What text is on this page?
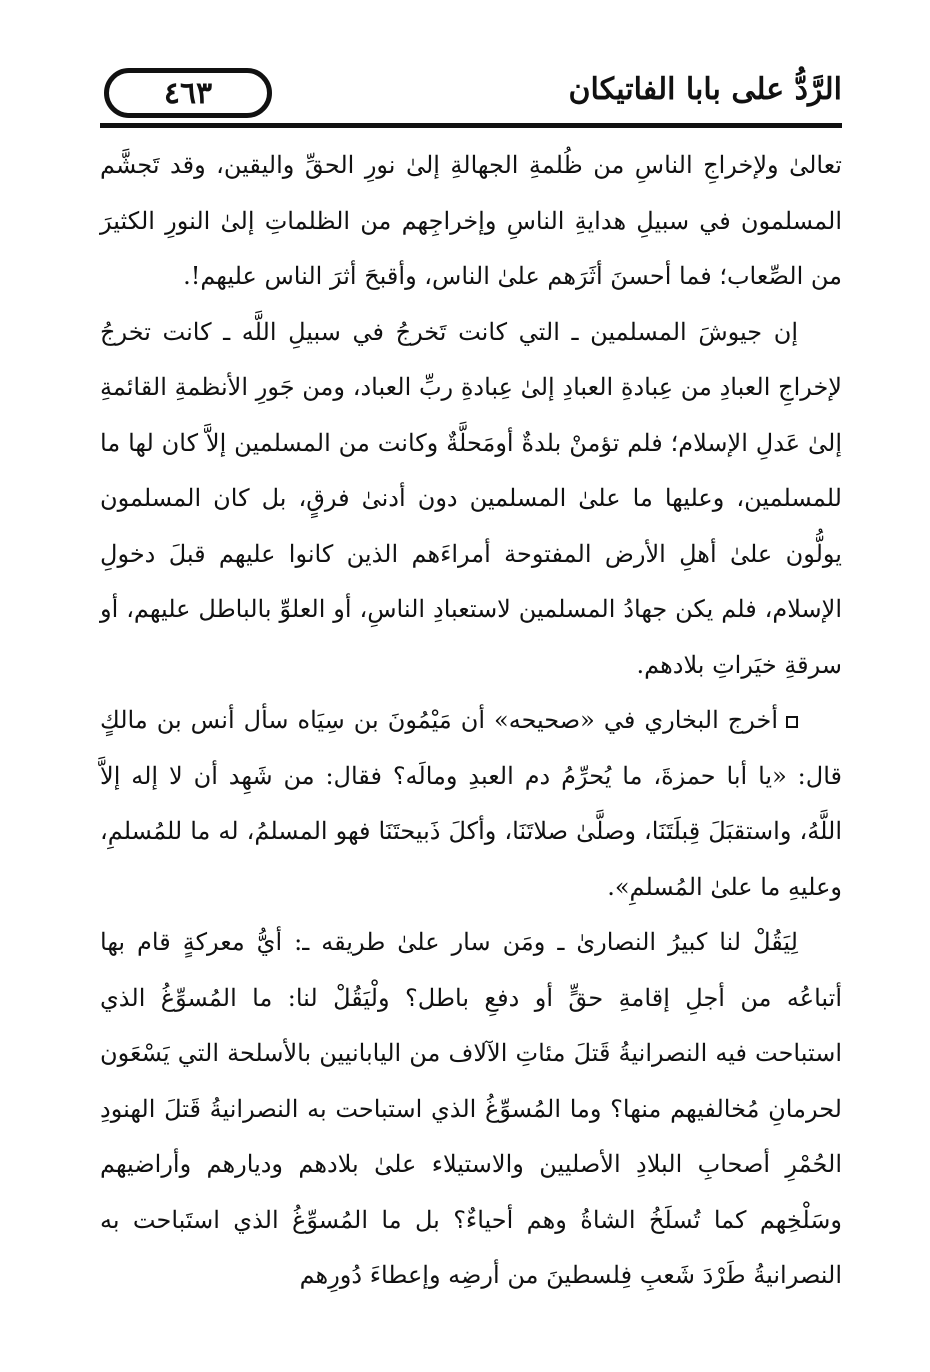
٤٦٣	الرَّدُّ على بابا الفاتيكان

تعالىٰ ولإخراجِ الناسِ من ظُلمةِ الجهالةِ إلىٰ نورِ الحقِّ واليقين، وقد تَجشَّم المسلمون في سبيلِ هدايةِ الناسِ وإخراجِهم من الظلماتِ إلىٰ النورِ الكثيرَ من الصِّعاب؛ فما أحسنَ أثَرَهم علىٰ الناس، وأقبحَ أثرَ الناس عليهم!.

إن جيوشَ المسلمين ـ التي كانت تَخرجُ في سبيلِ اللَّه ـ كانت تخرجُ لإخراجِ العبادِ من عِبادةِ العبادِ إلىٰ عِبادةِ ربِّ العباد، ومن جَورِ الأنظمةِ القائمةِ إلىٰ عَدلِ الإسلام؛ فلم تؤمنْ بلدةٌ أومَحلَّةٌ وكانت من المسلمين إلاَّ كان لها ما للمسلمين، وعليها ما علىٰ المسلمين دون أدنىٰ فرقٍ، بل كان المسلمون يولُّون علىٰ أهلِ الأرض المفتوحة أمراءَهم الذين كانوا عليهم قبلَ دخولِ الإسلام، فلم يكن جهادُ المسلمين لاستعبادِ الناسِ، أو العلوِّ بالباطل عليهم، أو سرقةِ خيَراتِ بلادهم.

أخرج البخاري في «صحيحه» أن مَيْمُونَ بن سِيَاه سأل أنس بن مالكٍ قال: «يا أبا حمزةَ، ما يُحرِّمُ دم العبدِ ومالَه؟ فقال: من شَهِد أن لا إله إلاَّ اللَّهُ، واستقبَلَ قِبلَتَنَا، وصلَّىٰ صلاتَنَا، وأكلَ ذَبيحتَنَا فهو المسلمُ، له ما للمُسلمِ، وعليهِ ما علىٰ المُسلمِ».

لِيَقُلْ لنا كبيرُ النصارىٰ ـ ومَن سار علىٰ طريقه ـ: أيُّ معركةٍ قام بها أتباعُه من أجلِ إقامةِ حقٍّ أو دفعِ باطل؟ ولْيَقُلْ لنا: ما المُسوِّغُ الذي استباحت فيه النصرانيةُ قَتلَ مئاتِ الآلاف من اليابانيين بالأسلحة التي يَسْعَون لحرمانِ مُخالفيهم منها؟ وما المُسوِّغُ الذي استباحت به النصرانيةُ قَتلَ الهنودِ الحُمْرِ أصحابِ البلادِ الأصليين والاستيلاء علىٰ بلادهم وديارهم وأراضيهم وسَلْخِهم كما تُسلَخُ الشاةُ وهم أحياءٌ؟ بل ما المُسوِّغُ الذي استَباحت به النصرانيةُ طَرْدَ شَعبِ فِلسطينَ من أرضِه وإعطاءَ دُورِهم
